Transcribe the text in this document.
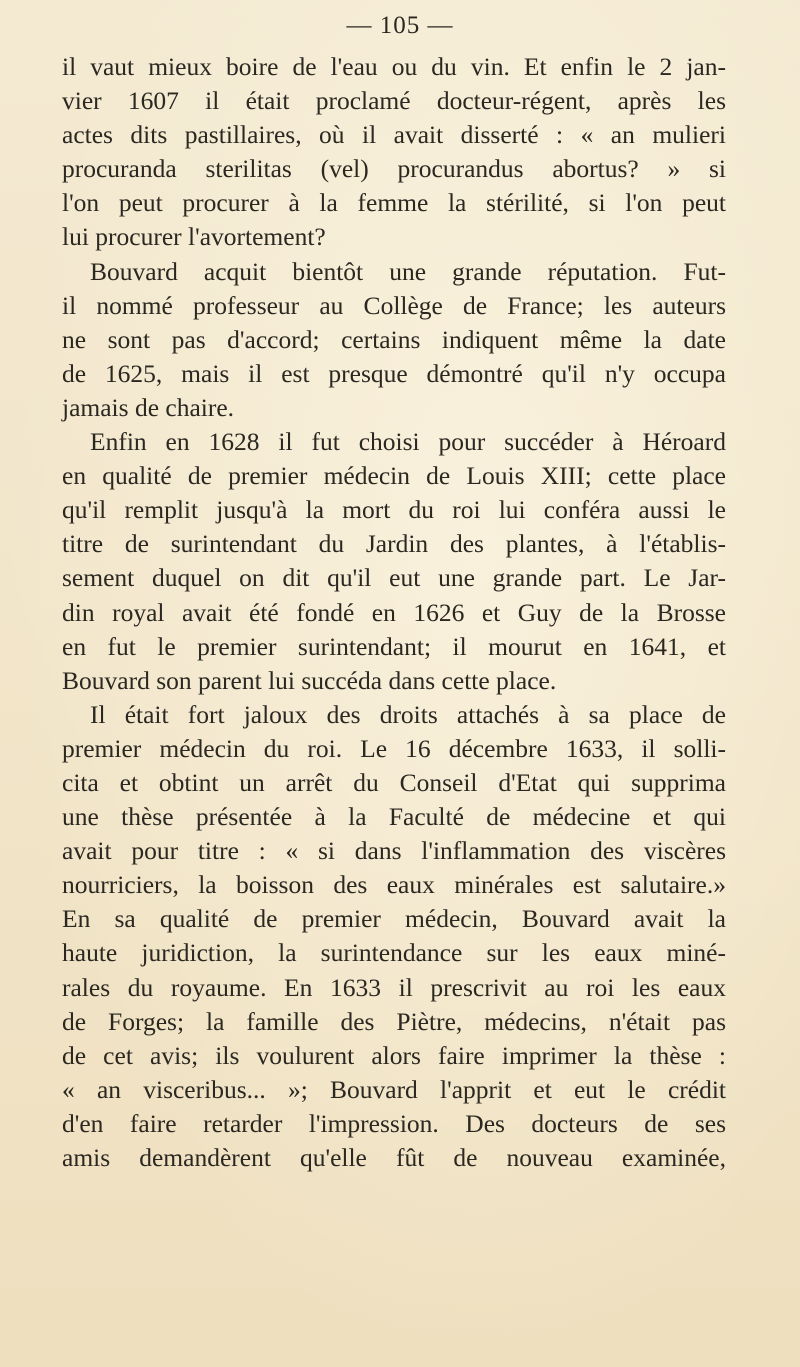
— 105 —
il vaut mieux boire de l'eau ou du vin. Et enfin le 2 jan-
vier 1607 il était proclamé docteur-régent, après les
actes dits pastillaires, où il avait disserté : « an mulieri
procuranda sterilitas (vel) procurandus abortus? » si
l'on peut procurer à la femme la stérilité, si l'on peut
lui procurer l'avortement?
Bouvard acquit bientôt une grande réputation. Fut-
il nommé professeur au Collège de France; les auteurs
ne sont pas d'accord; certains indiquent même la date
de 1625, mais il est presque démontré qu'il n'y occupa
jamais de chaire.
Enfin en 1628 il fut choisi pour succéder à Héroard
en qualité de premier médecin de Louis XIII; cette place
qu'il remplit jusqu'à la mort du roi lui conféra aussi le
titre de surintendant du Jardin des plantes, à l'établis-
sement duquel on dit qu'il eut une grande part. Le Jar-
din royal avait été fondé en 1626 et Guy de la Brosse
en fut le premier surintendant; il mourut en 1641, et
Bouvard son parent lui succéda dans cette place.
Il était fort jaloux des droits attachés à sa place de
premier médecin du roi. Le 16 décembre 1633, il solli-
cita et obtint un arrêt du Conseil d'Etat qui supprima
une thèse présentée à la Faculté de médecine et qui
avait pour titre : « si dans l'inflammation des viscères
nourriciers, la boisson des eaux minérales est salutaire.»
En sa qualité de premier médecin, Bouvard avait la
haute juridiction, la surintendance sur les eaux miné-
rales du royaume. En 1633 il prescrivit au roi les eaux
de Forges; la famille des Piètre, médecins, n'était pas
de cet avis; ils voulurent alors faire imprimer la thèse :
« an visceribus... »; Bouvard l'apprit et eut le crédit
d'en faire retarder l'impression. Des docteurs de ses
amis demandèrent qu'elle fût de nouveau examinée,
